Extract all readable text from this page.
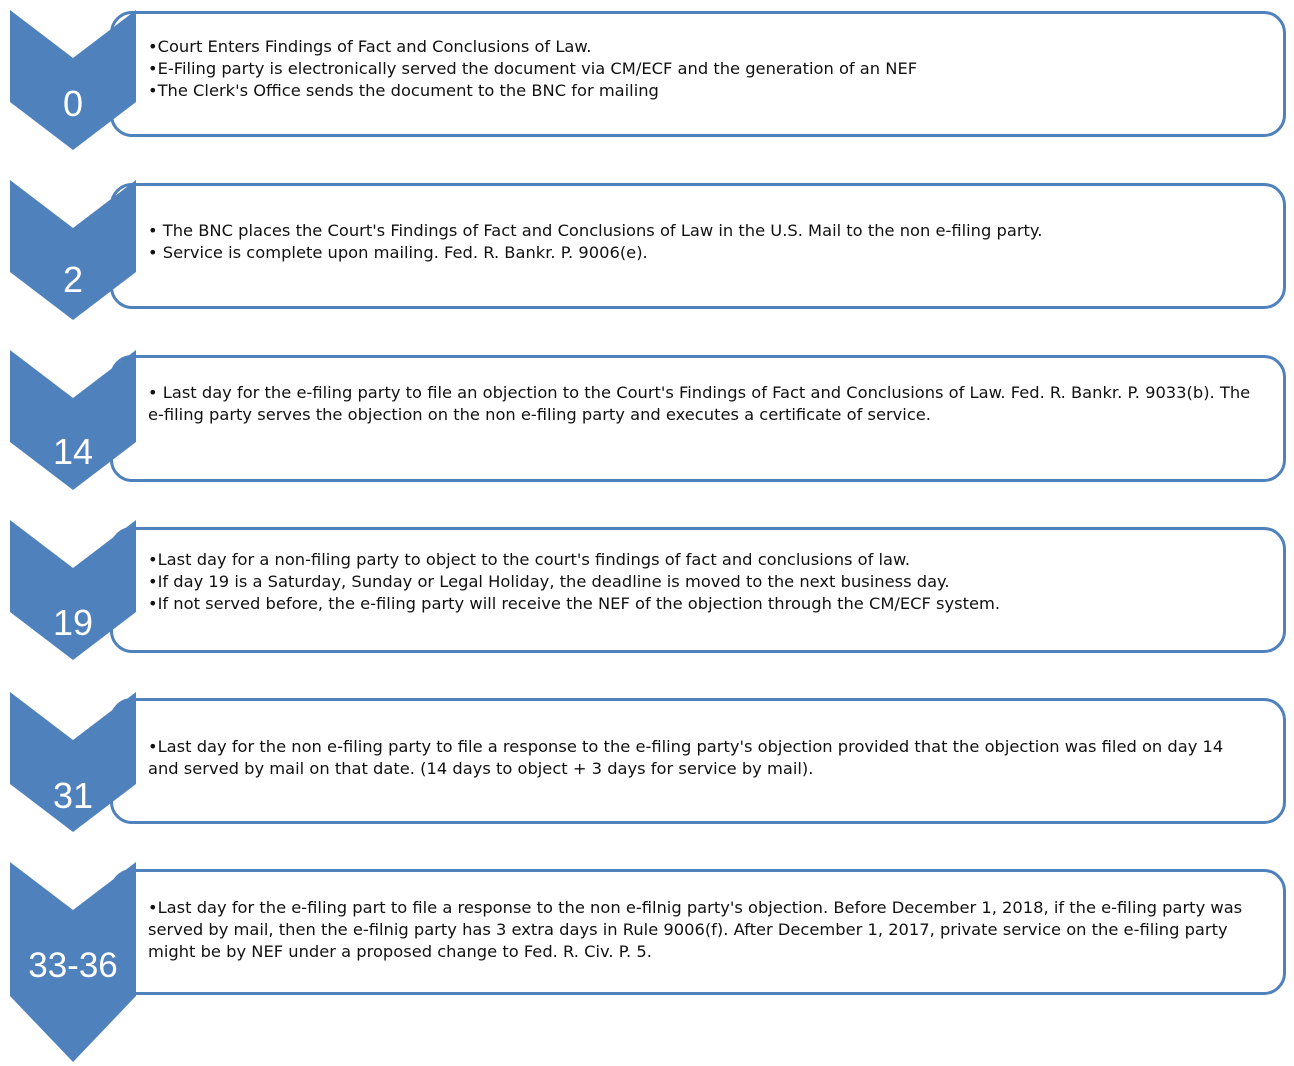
0
•Court Enters Findings of Fact and Conclusions of Law.
•E-Filing party is electronically served the document via CM/ECF and the generation of an NEF
•The Clerk's Office sends the document to the BNC for mailing
2
• The BNC places the Court's Findings of Fact and Conclusions of Law in the U.S. Mail to the non e-filing party.
• Service is complete upon mailing. Fed. R. Bankr. P. 9006(e).
14
• Last day for the e-filing party to file an objection to the Court's Findings of Fact and Conclusions of Law. Fed. R. Bankr. P. 9033(b). The e-filing party serves the objection on the non e-filing party and executes a certificate of service.
19
•Last day for a non-filing party to object to the court's findings of fact and conclusions of law.
•If day 19 is a Saturday, Sunday or Legal Holiday, the deadline is moved to the next business day.
•If not served before, the e-filing party will receive the NEF of the objection through the CM/ECF system.
31
•Last day for the non e-filing party to file a response to the e-filing party's objection provided that the objection was filed on day 14 and served by mail on that date. (14 days to object + 3 days for service by mail).
33-36
•Last day for the e-filing part to file a response to the non e-filnig party's objection. Before December 1, 2018, if the e-filing party was served by mail, then the e-filnig party has 3 extra days in Rule 9006(f). After December 1, 2017, private service on the e-filing party might be by NEF under a proposed change to Fed. R. Civ. P. 5.
